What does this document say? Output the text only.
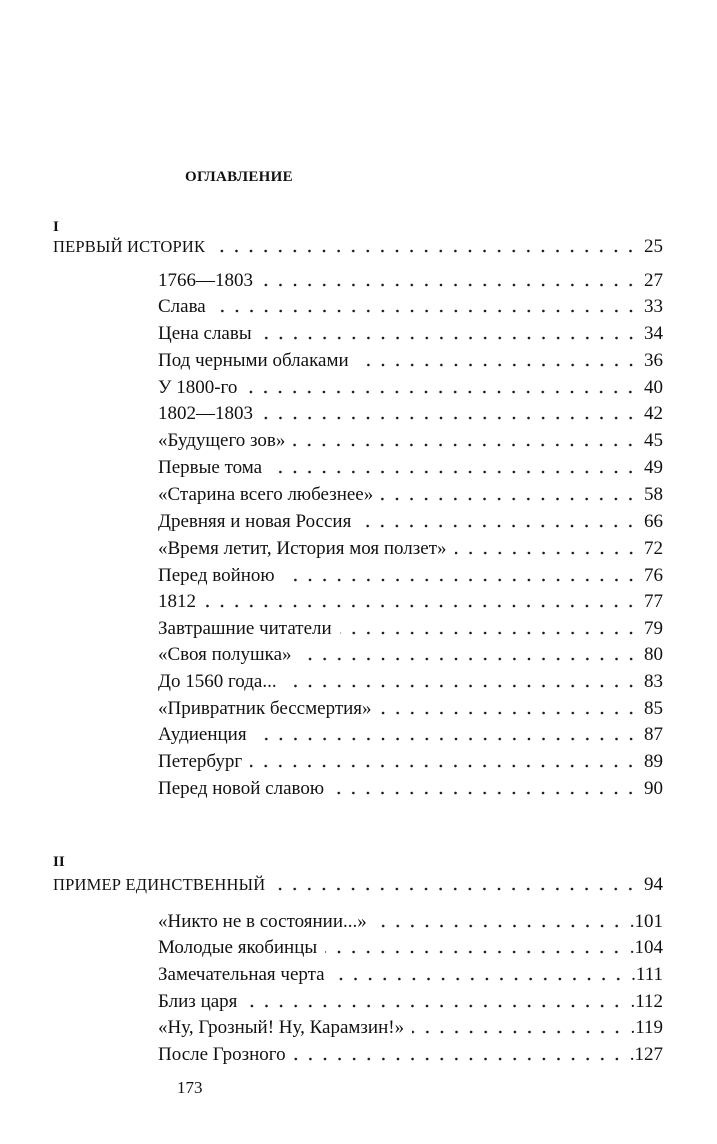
ОГЛАВЛЕНИЕ
I
ПЕРВЫЙ ИСТОРИК	25
1766—1803	27
Слава	33
Цена славы	34
Под черными облаками	36
У 1800-го	40
1802—1803	42
«Будущего зов»	45
Первые тома	49
«Старина всего любезнее»	58
Древняя и новая Россия	66
«Время летит, История моя ползет»	72
Перед войною	76
1812	77
Завтрашние читатели	79
«Своя полушка»	80
До 1560 года...	83
«Привратник бессмертия»	85
Аудиенция	87
Петербург	89
Перед новой славою	90
II
ПРИМЕР ЕДИНСТВЕННЫЙ	94
«Никто не в состоянии...»	.101
Молодые якобинцы	.104
Замечательная черта	.111
Близ царя	.112
«Ну, Грозный! Ну, Карамзин!»	.119
После Грозного	.127
173
